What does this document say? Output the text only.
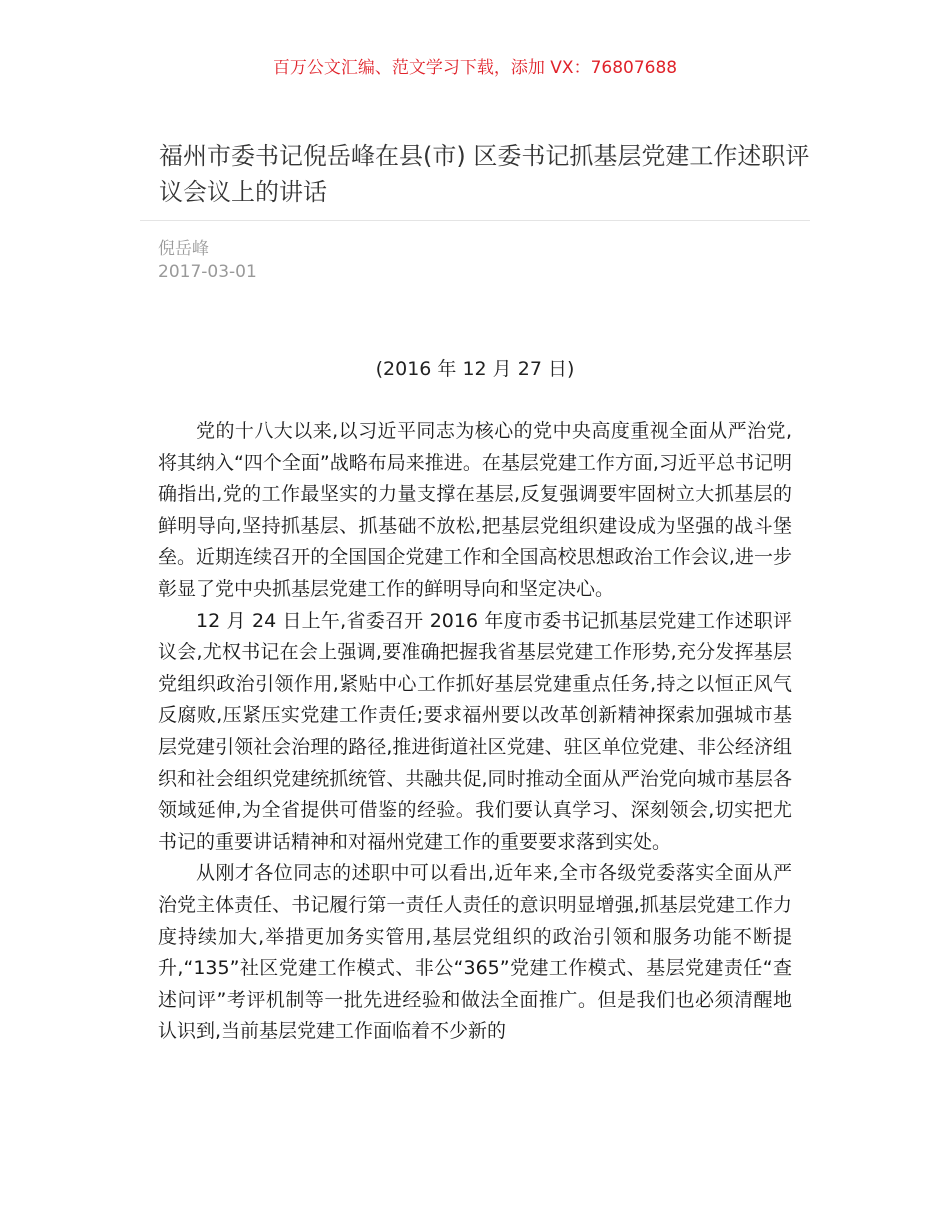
百万公文汇编、范文学习下载，添加 VX：76807688
福州市委书记倪岳峰在县(市) 区委书记抓基层党建工作述职评议会议上的讲话
倪岳峰
2017-03-01
(2016 年 12 月 27 日)

党的十八大以来,以习近平同志为核心的党中央高度重视全面从严治党,将其纳入“四个全面”战略布局来推进。在基层党建工作方面,习近平总书记明确指出,党的工作最坚实的力量支撑在基层,反复强调要牢固树立大抓基层的鲜明导向,坚持抓基层、抓基础不放松,把基层党组织建设成为坚强的战斗堡垒。近期连续召开的全国国企党建工作和全国高校思想政治工作会议,进一步彰显了党中央抓基层党建工作的鲜明导向和坚定决心。

12 月 24 日上午,省委召开 2016 年度市委书记抓基层党建工作述职评议会,尤权书记在会上强调,要准确把握我省基层党建工作形势,充分发挥基层党组织政治引领作用,紧贴中心工作抓好基层党建重点任务,持之以恒正风气反腐败,压紧压实党建工作责任;要求福州要以改革创新精神探索加强城市基层党建引领社会治理的路径,推进街道社区党建、驻区单位党建、非公经济组织和社会组织党建统抓统管、共融共促,同时推动全面从严治党向城市基层各领域延伸,为全省提供可借鉴的经验。我们要认真学习、深刻领会,切实把尤书记的重要讲话精神和对福州党建工作的重要要求落到实处。

从刚才各位同志的述职中可以看出,近年来,全市各级党委落实全面从严治党主体责任、书记履行第一责任人责任的意识明显增强,抓基层党建工作力度持续加大,举措更加务实管用,基层党组织的政治引领和服务功能不断提升,“135”社区党建工作模式、非公“365”党建工作模式、基层党建责任“查述问评”考评机制等一批先进经验和做法全面推广。但是我们也必须清醒地认识到,当前基层党建工作面临着不少新的
